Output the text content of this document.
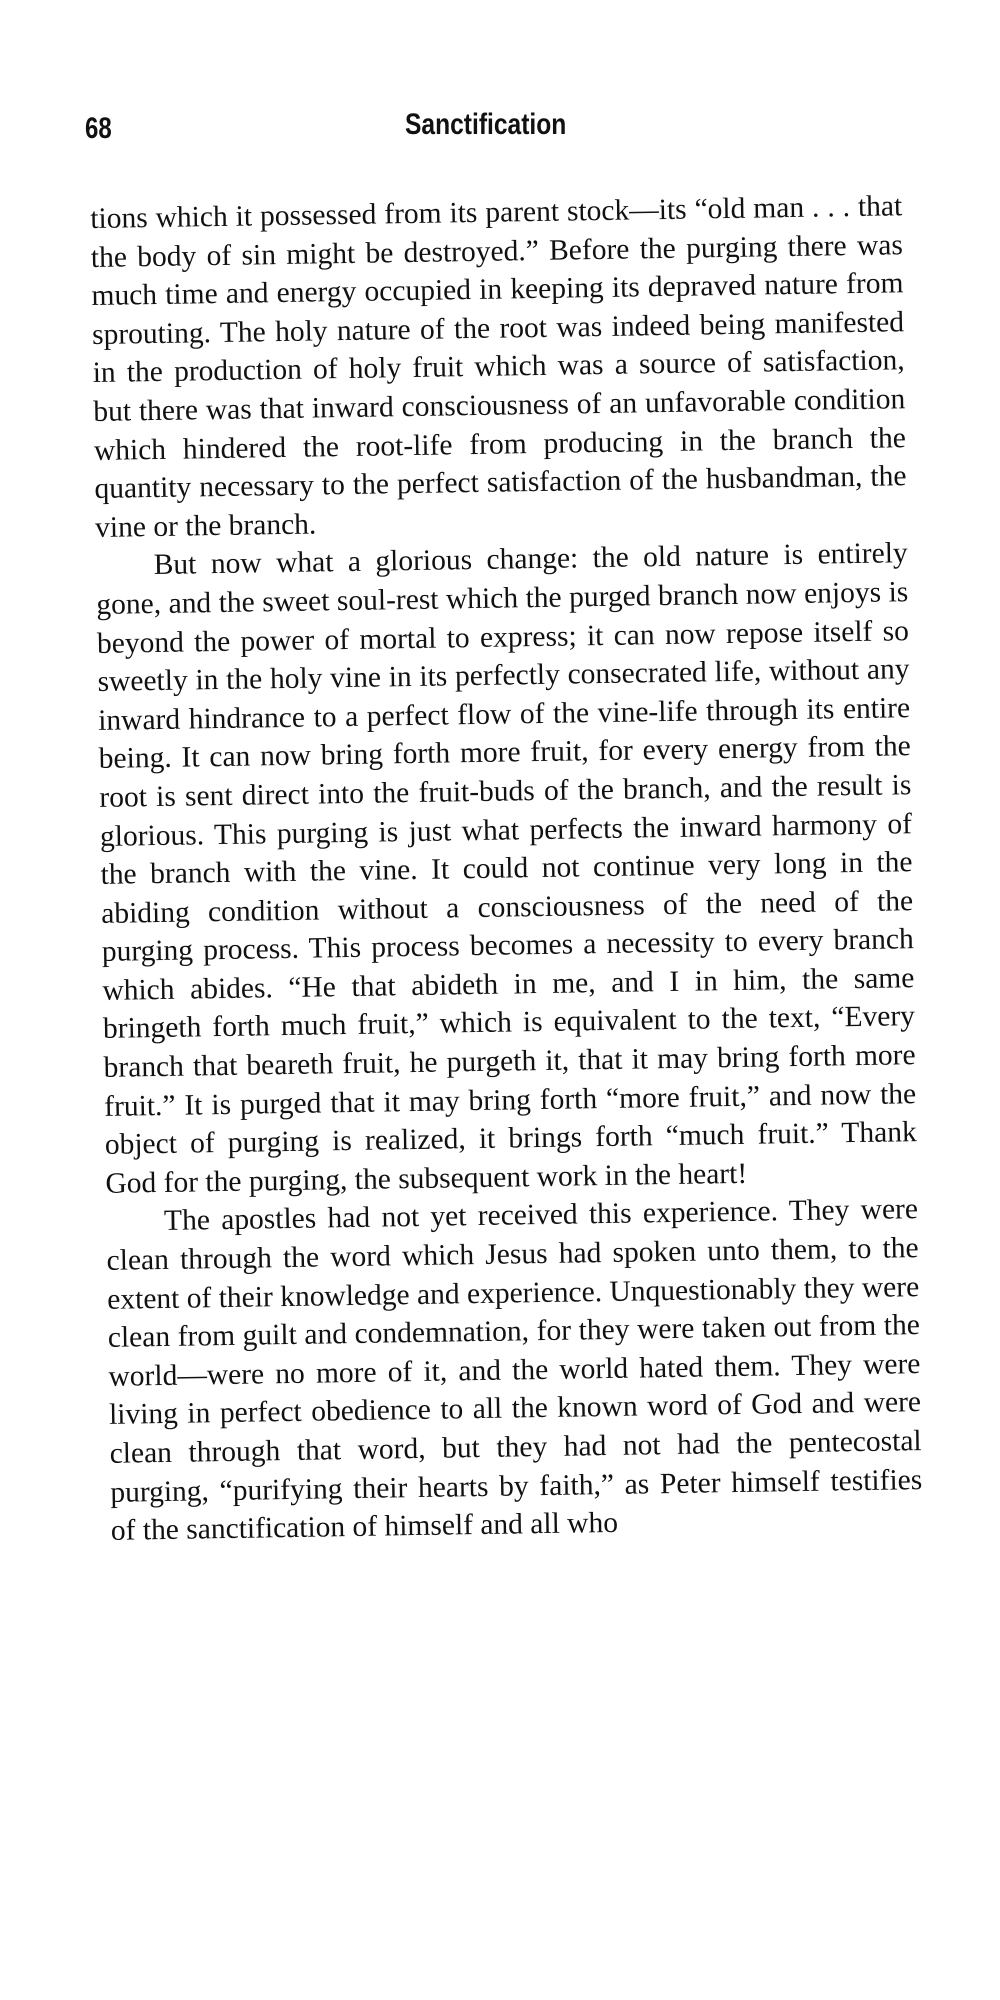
68	Sanctification

tions which it possessed from its parent stock—its “old man . . . that the body of sin might be destroyed.” Before the purging there was much time and energy occupied in keeping its depraved nature from sprouting. The holy nature of the root was indeed being manifested in the production of holy fruit which was a source of satisfaction, but there was that inward consciousness of an unfavorable condition which hindered the root-life from producing in the branch the quantity necessary to the perfect satisfaction of the husbandman, the vine or the branch.

But now what a glorious change: the old nature is entirely gone, and the sweet soul-rest which the purged branch now enjoys is beyond the power of mortal to express; it can now repose itself so sweetly in the holy vine in its perfectly consecrated life, without any inward hindrance to a perfect flow of the vine-life through its entire being. It can now bring forth more fruit, for every energy from the root is sent direct into the fruit-buds of the branch, and the result is glorious. This purging is just what perfects the inward harmony of the branch with the vine. It could not continue very long in the abiding condition without a consciousness of the need of the purging process. This process becomes a necessity to every branch which abides. “He that abideth in me, and I in him, the same bringeth forth much fruit,” which is equivalent to the text, “Every branch that beareth fruit, he purgeth it, that it may bring forth more fruit.” It is purged that it may bring forth “more fruit,” and now the object of purging is realized, it brings forth “much fruit.” Thank God for the purging, the subsequent work in the heart!

The apostles had not yet received this experience. They were clean through the word which Jesus had spoken unto them, to the extent of their knowledge and experience. Unquestionably they were clean from guilt and condemnation, for they were taken out from the world—were no more of it, and the world hated them. They were living in perfect obedience to all the known word of God and were clean through that word, but they had not had the pentecostal purging, “purifying their hearts by faith,” as Peter himself testifies of the sanctification of himself and all who
